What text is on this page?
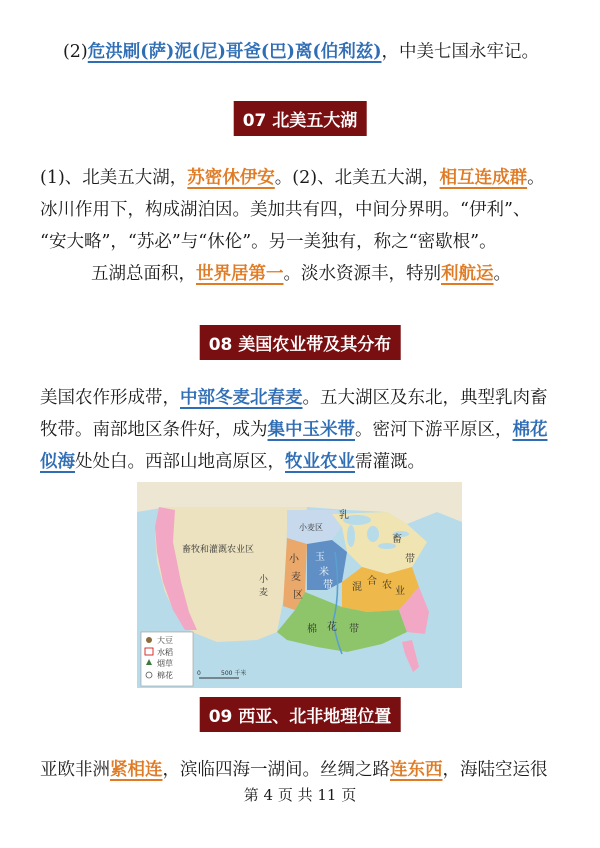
(2)危洪刷(萨)泥(尼)哥爸(巴)离(伯利兹)，中美七国永牢记。
07 北美五大湖
(1)、北美五大湖，苏密休伊安。(2)、北美五大湖，相互连成群。
冰川作用下，构成湖泊因。美加共有四，中间分界明。“伊利”、
“安大略”，“苏必”与“休伦”。另一美独有，称之“密歇根”。
五湖总面积，世界居第一。淡水资源丰，特别利航运。
08 美国农业带及其分布
美国农作形成带，中部冬麦北春麦。五大湖区及东北，典型乳肉畜
牧带。南部地区条件好，成为集中玉米带。密河下游平原区，棉花
似海处处白。西部山地高原区，牧业农业需灌溉。
畜牧和灌溉农业区
小麦区
小
麦
区
玉
米
带
乳
畜
带
混
合 农
业
棉 花 带
小
麦
大豆
水稻
烟草
棉花	0	500 千米
09 西亚、北非地理位置
亚欧非洲紧相连，滨临四海一湖间。丝绸之路连东西，海陆空运很
第 4 页 共 11 页
